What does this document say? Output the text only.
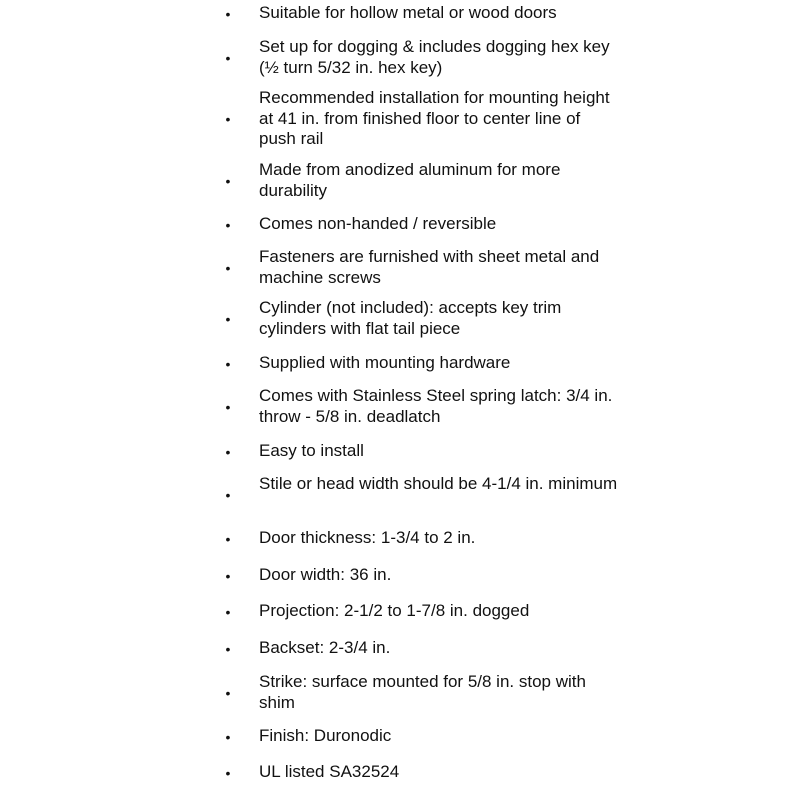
• Suitable for hollow metal or wood doors
•
Set up for dogging & includes dogging hex key (½ turn 5/32 in. hex key)
•
Recommended installation for mounting height at 41 in. from finished floor to center line of push rail
•
Made from anodized aluminum for more durability
• Comes non-handed / reversible
•
Fasteners are furnished with sheet metal and machine screws
•
Cylinder (not included): accepts key trim cylinders with flat tail piece
• Supplied with mounting hardware
•
Comes with Stainless Steel spring latch: 3/4 in. throw - 5/8 in. deadlatch
• Easy to install
•
Stile or head width should be 4-1/4 in. minimum
• Door thickness: 1-3/4 to 2 in.
• Door width: 36 in.
• Projection: 2-1/2 to 1-7/8 in. dogged
• Backset: 2-3/4 in.
•
Strike: surface mounted for 5/8 in. stop with shim
• Finish: Duronodic
• UL listed SA32524
